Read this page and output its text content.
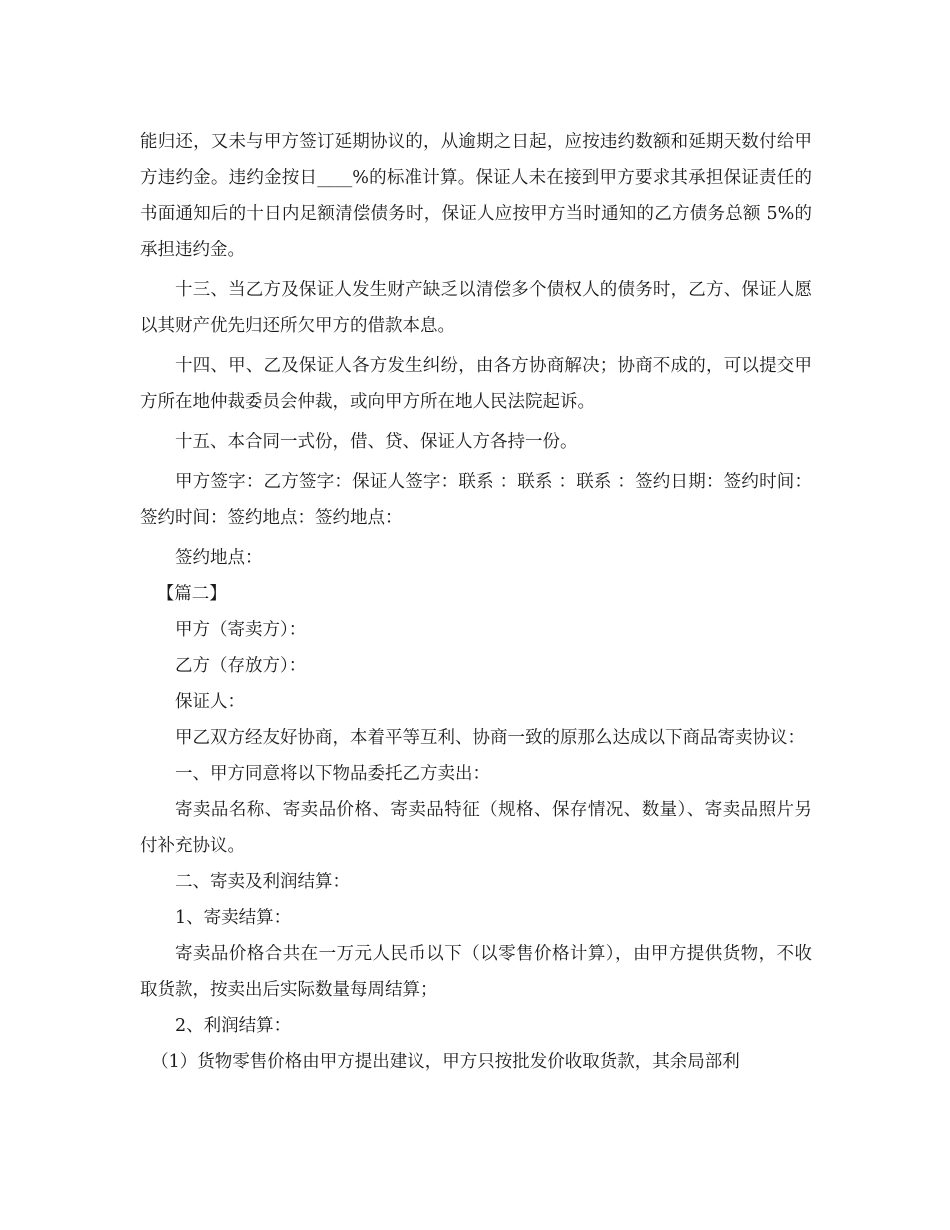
能归还，又未与甲方签订延期协议的，从逾期之日起，应按违约数额和延期天数付给甲方违约金。违约金按日____%的标准计算。保证人未在接到甲方要求其承担保证责任的书面通知后的十日内足额清偿债务时，保证人应按甲方当时通知的乙方债务总额 5%的承担违约金。

十三、当乙方及保证人发生财产缺乏以清偿多个债权人的债务时，乙方、保证人愿以其财产优先归还所欠甲方的借款本息。

十四、甲、乙及保证人各方发生纠纷，由各方协商解决；协商不成的，可以提交甲方所在地仲裁委员会仲裁，或向甲方所在地人民法院起诉。

十五、本合同一式份，借、贷、保证人方各持一份。

甲方签字：乙方签字：保证人签字：联系 ：联系 ：联系 ：签约日期：签约时间：签约时间：签约地点：签约地点：

签约地点：

【篇二】

甲方（寄卖方）：

乙方（存放方）：

保证人：

甲乙双方经友好协商，本着平等互利、协商一致的原那么达成以下商品寄卖协议：

一、甲方同意将以下物品委托乙方卖出：

寄卖品名称、寄卖品价格、寄卖品特征（规格、保存情况、数量）、寄卖品照片另付补充协议。

二、寄卖及利润结算：

1、寄卖结算：

寄卖品价格合共在一万元人民币以下（以零售价格计算），由甲方提供货物，不收取货款，按卖出后实际数量每周结算；

2、利润结算：

（1）货物零售价格由甲方提出建议，甲方只按批发价收取货款，其余局部利
